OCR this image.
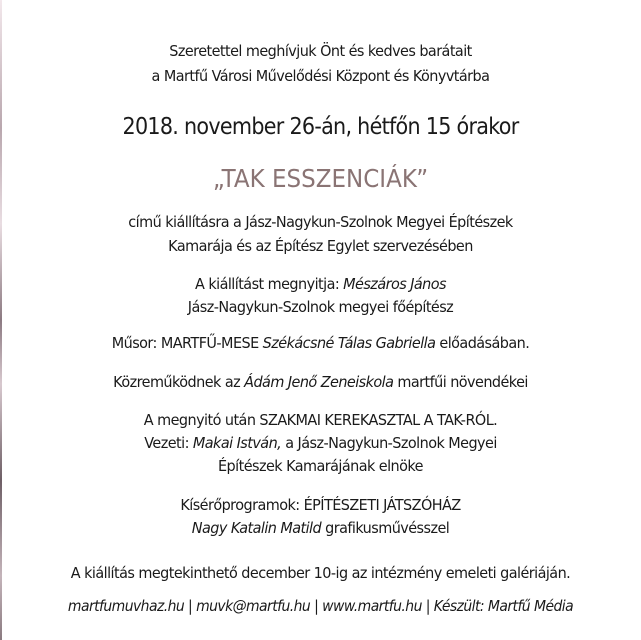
Szeretettel meghívjuk Önt és kedves barátait
a Martfű Városi Művelődési Központ és Könyvtárba
2018. november 26-án, hétfőn 15 órakor
„TAK ESSZENCIÁK”
című kiállításra a Jász-Nagykun-Szolnok Megyei Építészek
Kamarája és az Építész Egylet szervezésében
A kiállítást megnyitja: Mészáros János
Jász-Nagykun-Szolnok megyei főépítész
Műsor: MARTFŰ-MESE Székácsné Tálas Gabriella előadásában.
Közreműködnek az Ádám Jenő Zeneiskola martfűi növendékei
A megnyitó után SZAKMAI KEREKASZTAL A TAK-RÓL.
Vezeti: Makai István, a Jász-Nagykun-Szolnok Megyei
Építészek Kamarájának elnöke
Kísérőprogramok: ÉPÍTÉSZETI JÁTSZÓHÁZ
Nagy Katalin Matild grafikusművésszel
A kiállítás megtekinthető december 10-ig az intézmény emeleti galériáján.
martfumuvhaz.hu | muvk@martfu.hu | www.martfu.hu | Készült: Martfű Média
